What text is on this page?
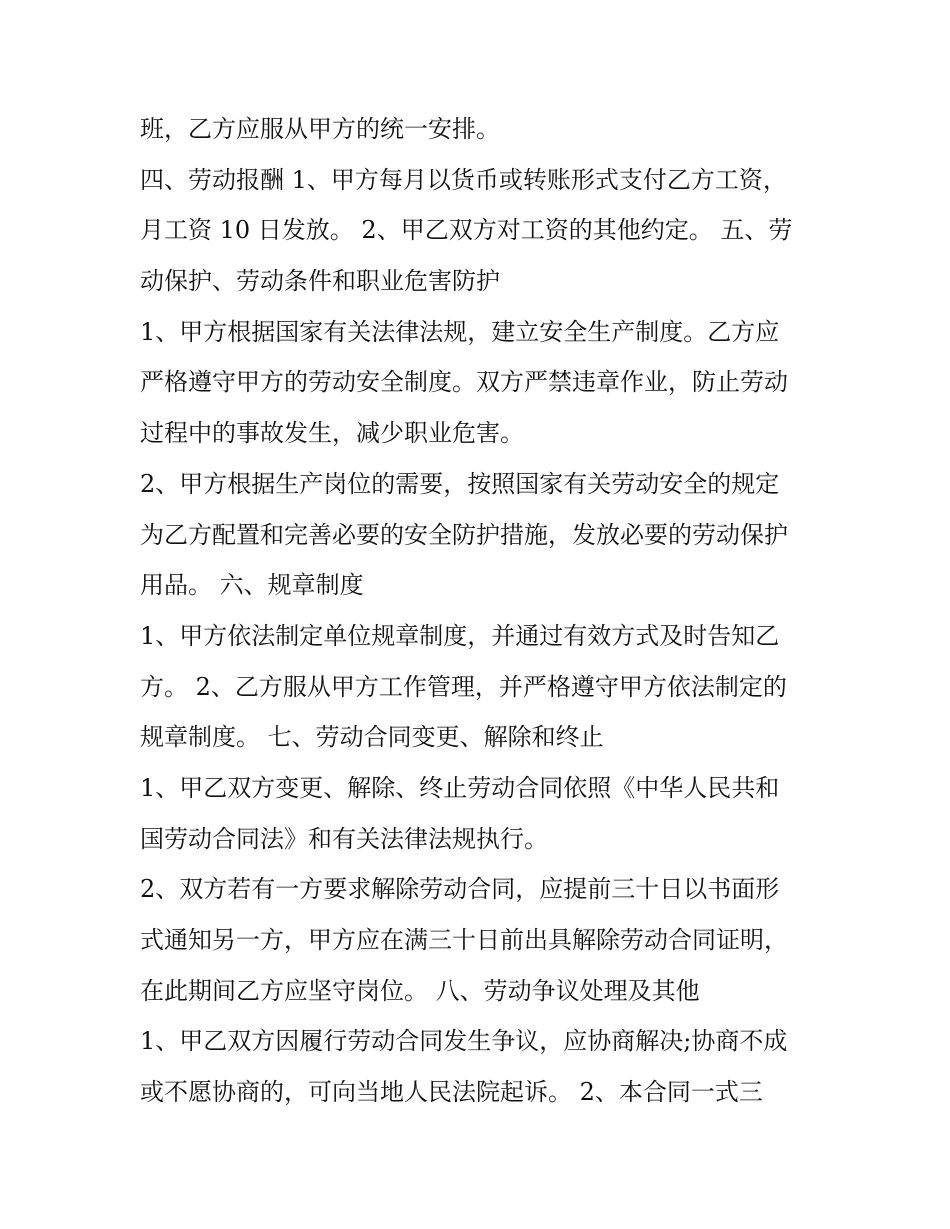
班，乙方应服从甲方的统一安排。
四、劳动报酬 1、甲方每月以货币或转账形式支付乙方工资，
月工资 10 日发放。 2、甲乙双方对工资的其他约定。 五、劳
动保护、劳动条件和职业危害防护
1、甲方根据国家有关法律法规，建立安全生产制度。乙方应
严格遵守甲方的劳动安全制度。双方严禁违章作业，防止劳动
过程中的事故发生，减少职业危害。
2、甲方根据生产岗位的需要，按照国家有关劳动安全的规定
为乙方配置和完善必要的安全防护措施，发放必要的劳动保护
用品。 六、规章制度
1、甲方依法制定单位规章制度，并通过有效方式及时告知乙
方。 2、乙方服从甲方工作管理，并严格遵守甲方依法制定的
规章制度。 七、劳动合同变更、解除和终止
1、甲乙双方变更、解除、终止劳动合同依照《中华人民共和
国劳动合同法》和有关法律法规执行。
2、双方若有一方要求解除劳动合同，应提前三十日以书面形
式通知另一方，甲方应在满三十日前出具解除劳动合同证明，
在此期间乙方应坚守岗位。 八、劳动争议处理及其他
1、甲乙双方因履行劳动合同发生争议，应协商解决;协商不成
或不愿协商的，可向当地人民法院起诉。 2、本合同一式三
